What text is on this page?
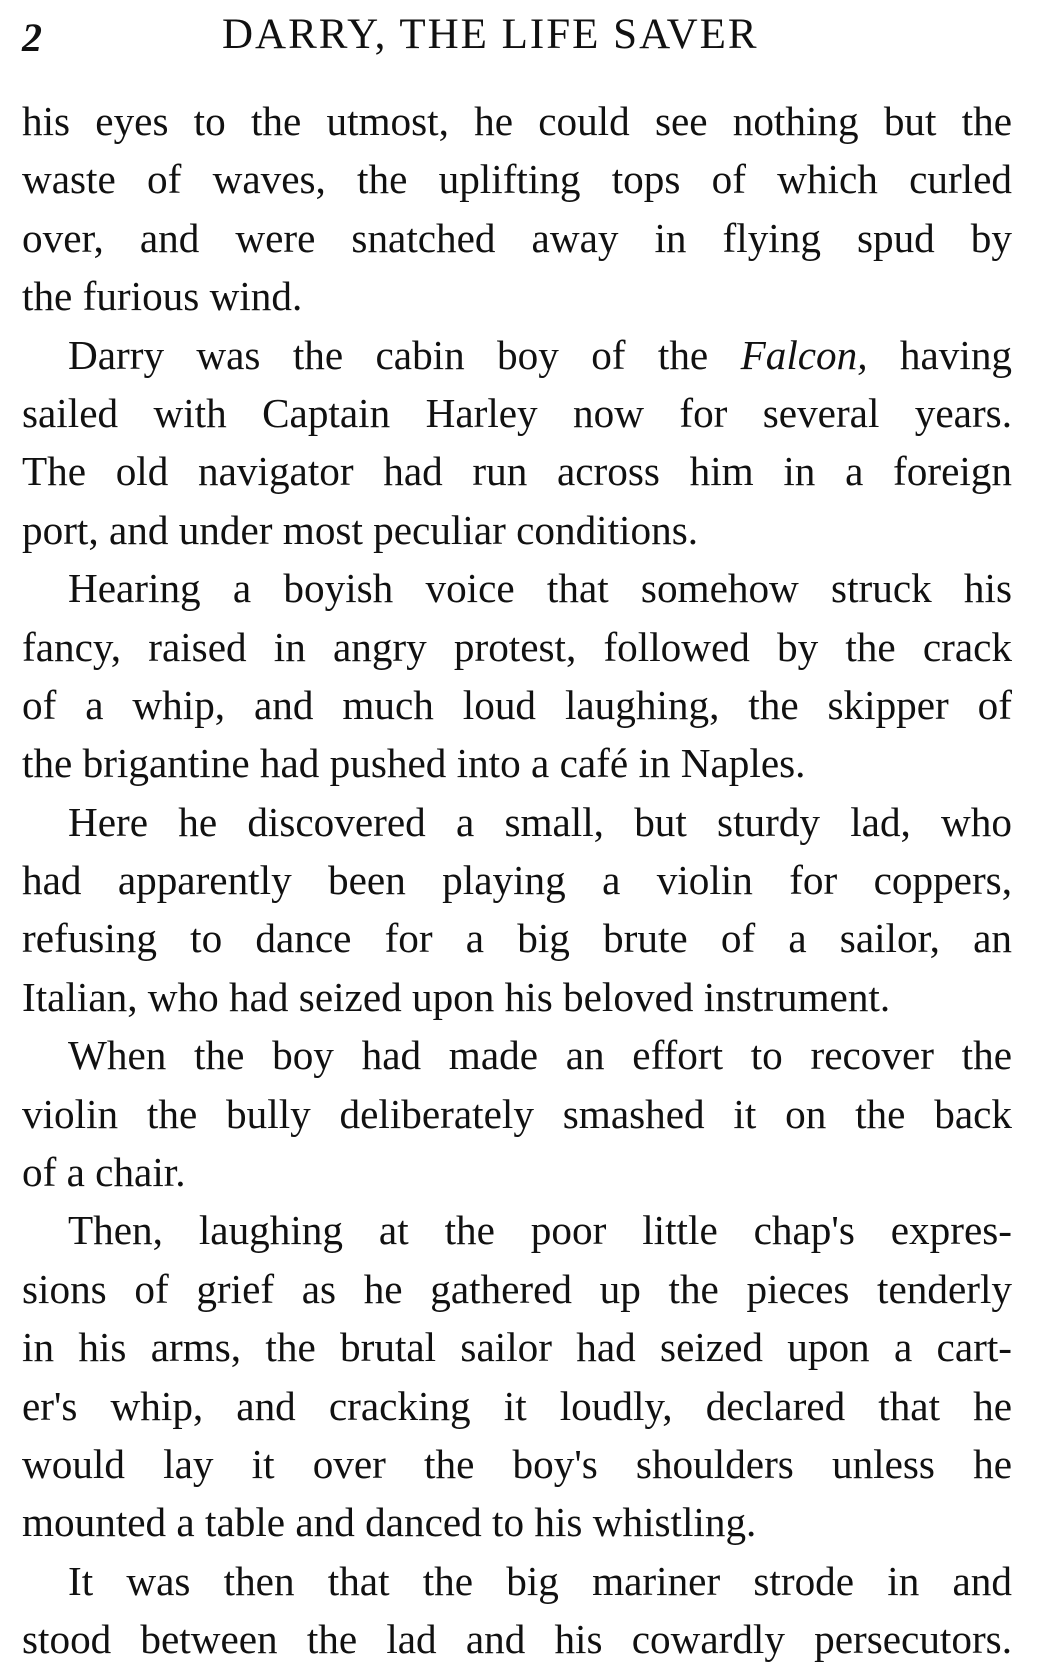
2	DARRY, THE LIFE SAVER
his eyes to the utmost, he could see nothing but the
waste of waves, the uplifting tops of which curled
over, and were snatched away in flying spud by
the furious wind.
Darry was the cabin boy of the Falcon, having
sailed with Captain Harley now for several years.
The old navigator had run across him in a foreign
port, and under most peculiar conditions.
Hearing a boyish voice that somehow struck his
fancy, raised in angry protest, followed by the crack
of a whip, and much loud laughing, the skipper of
the brigantine had pushed into a café in Naples.
Here he discovered a small, but sturdy lad, who
had apparently been playing a violin for coppers,
refusing to dance for a big brute of a sailor, an
Italian, who had seized upon his beloved instrument.
When the boy had made an effort to recover the
violin the bully deliberately smashed it on the back
of a chair.
Then, laughing at the poor little chap's expres-
sions of grief as he gathered up the pieces tenderly
in his arms, the brutal sailor had seized upon a cart-
er's whip, and cracking it loudly, declared that he
would lay it over the boy's shoulders unless he
mounted a table and danced to his whistling.
It was then that the big mariner strode in and
stood between the lad and his cowardly persecutors.
